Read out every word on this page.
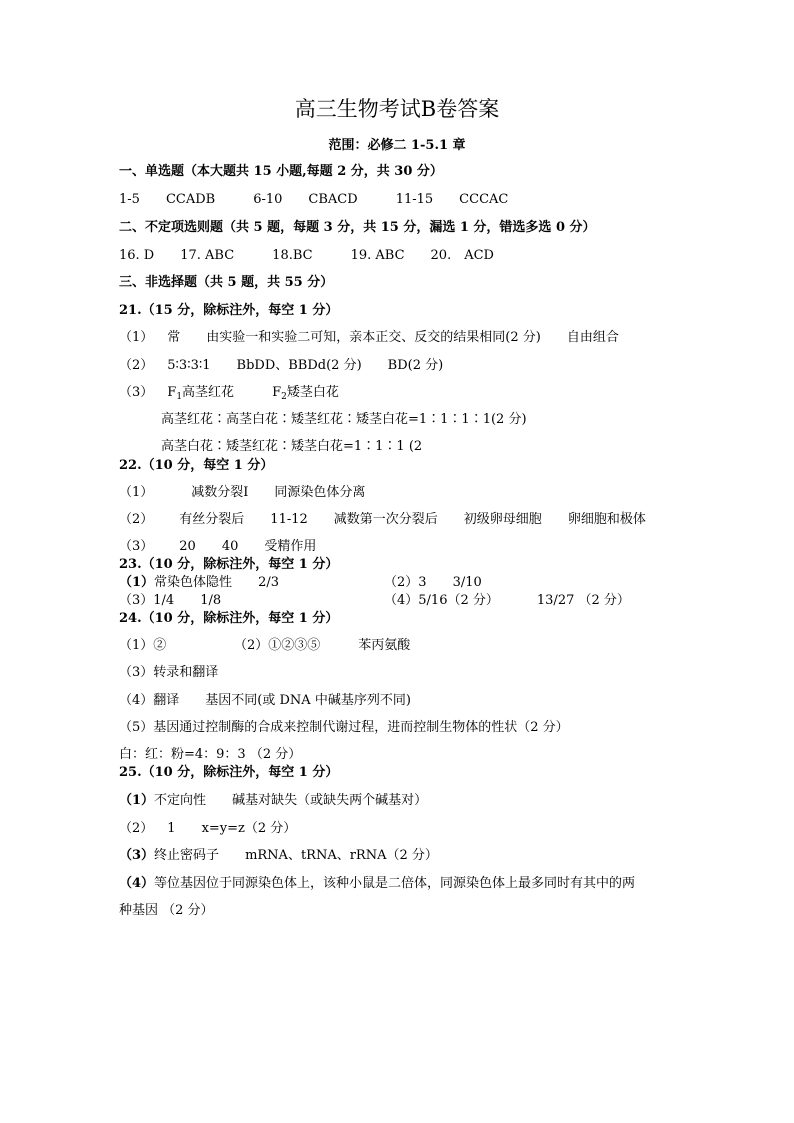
高三生物考试B卷答案
范围：必修二 1-5.1 章
一、单选题（本大题共 15 小题,每题 2 分，共 30 分）
1-5 CCADB	6-10 CBACD	11-15 CCCAC
二、不定项选则题（共 5 题，每题 3 分，共 15 分，漏选 1 分，错选多选 0 分）
16. D 17. ABC	18.BC	19. ABC 20.　ACD
三、非选择题（共 5 题，共 55 分）
21.（15 分，除标注外，每空 1 分）
（1） 常 由实验一和实验二可知，亲本正交、反交的结果相同(2 分) 自由组合
（2） 5∶3∶3∶1 BbDD、BBDd(2 分) BD(2 分)
（3） $F_1$高茎红花	$F_2$矮茎白花
高茎红花∶高茎白花∶矮茎红花∶矮茎白花=1∶1∶1∶1(2 分)
高茎白花∶矮茎红花∶矮茎白花=1∶1∶1 (2
22.（10 分，每空 1 分）
（1）	减数分裂Ⅰ 同源染色体分离
（2） 有丝分裂后 11-12 减数第一次分裂后 初级卵母细胞 卵细胞和极体
（3） 20 40 受精作用
23.（10 分，除标注外，每空 1 分）
（1）常染色体隐性 2/3	（2）3 3/10
（3）1/4 1/8	（4）5/16（2 分）	13/27 （2 分）
24.（10 分，除标注外，每空 1 分）
（1）②	（2）①②③⑤	苯丙氨酸
（3）转录和翻译
（4）翻译 基因不同(或 DNA 中碱基序列不同)
（5）基因通过控制酶的合成来控制代谢过程，进而控制生物体的性状（2 分）
白：红：粉=4：9：3 （2 分）
25.（10 分，除标注外，每空 1 分）
（1）不定向性 碱基对缺失（或缺失两个碱基对）
（2） 1 x=y=z（2 分）
（3）终止密码子 mRNA、tRNA、rRNA（2 分）
（4）等位基因位于同源染色体上，该种小鼠是二倍体，同源染色体上最多同时有其中的两
种基因 （2 分）
